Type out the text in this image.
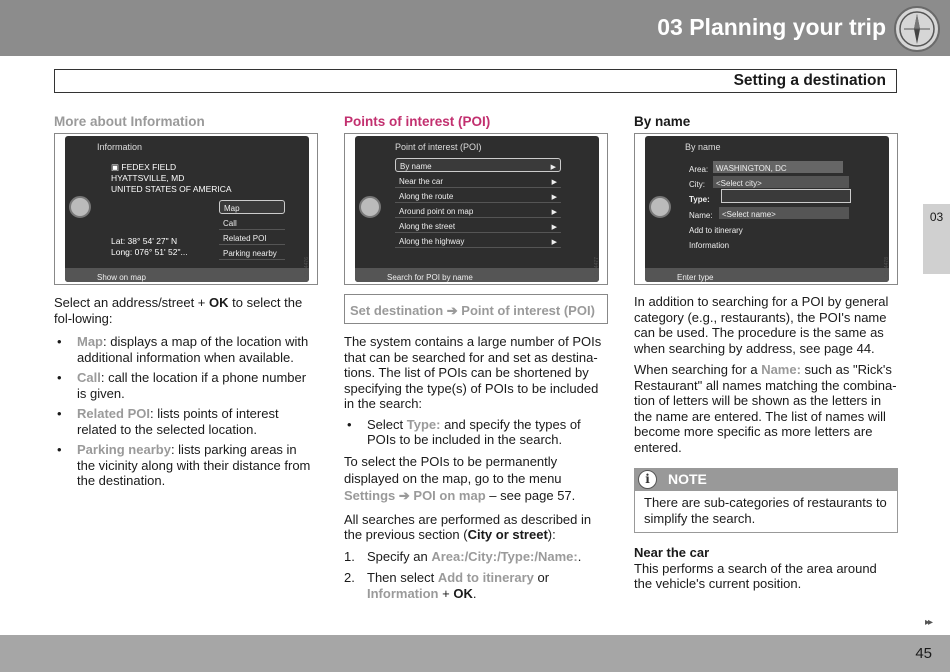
03 Planning your trip
Setting a destination
03
More about Information
Information
▣ FEDEX FIELD
HYATTSVILLE, MD
UNITED STATES OF AMERICA
Lat: 38° 54' 27" N
Long: 076° 51' 52"...
Map
Call
Related POI
Parking nearby
Show on map	G044476

Select an address/street + OK to select the fol-lowing:

• Map: displays a map of the location with additional information when available.
• Call: call the location if a phone number is given.
• Related POI: lists points of interest related to the selected location.
• Parking nearby: lists parking areas in the vicinity along with their distance from the destination.
Points of interest (POI)
Point of interest (POI)
By name	▶
Near the car	▶
Along the route	▶
Around point on map	▶
Along the street	▶
Along the highway	▶
Search for POI by name	G044477
Set destination ➔ Point of interest (POI)

The system contains a large number of POIs that can be searched for and set as destina-tions. The list of POIs can be shortened by specifying the type(s) of POIs to be included in the search:

• Select Type: and specify the types of POIs to be included in the search.

To select the POIs to be permanently displayed on the map, go to the menu Settings ➔ POI on map – see page 57.

All searches are performed as described in the previous section (City or street):

1. Specify an Area:/City:/Type:/Name:.
2. Then select Add to itinerary or Information + OK.
By name
By name
Area: WASHINGTON, DC
City:	<Select city>
Type:
Name:	<Select name>
Add to itinerary
Information
Enter type	G044478

In addition to searching for a POI by general category (e.g., restaurants), the POI's name can be used. The procedure is the same as when searching by address, see page 44.

When searching for a Name: such as "Rick's Restaurant" all names matching the combina-tion of letters will be shown as the letters in the name are entered. The list of names will become more specific as more letters are entered.

i	NOTE
There are sub-categories of restaurants to simplify the search.
Near the car

This performs a search of the area around the vehicle's current position.

▸▸
45
